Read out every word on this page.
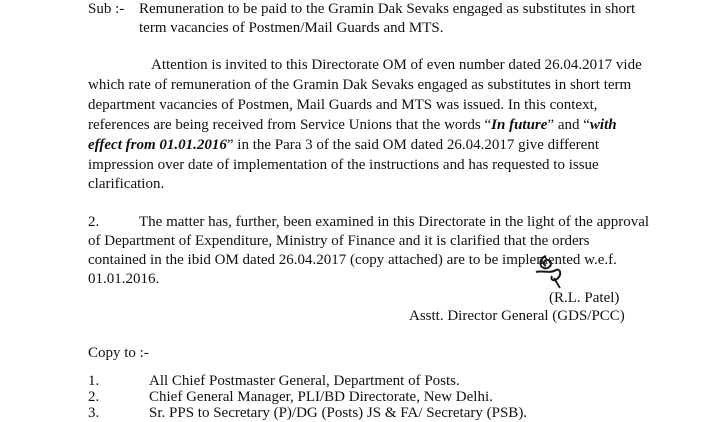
Sub :- Remuneration to be paid to the Gramin Dak Sevaks engaged as substitutes in short
term vacancies of Postmen/Mail Guards and MTS.
Attention is invited to this Directorate OM of even number dated 26.04.2017 vide
which rate of remuneration of the Gramin Dak Sevaks engaged as substitutes in short term
department vacancies of Postmen, Mail Guards and MTS was issued. In this context,
references are being received from Service Unions that the words “In future” and “with
effect from 01.01.2016” in the Para 3 of the said OM dated 26.04.2017 give different
impression over date of implementation of the instructions and has requested to issue
clarification.
2.	The matter has, further, been examined in this Directorate in the light of the approval
of Department of Expenditure, Ministry of Finance and it is clarified that the orders
contained in the ibid OM dated 26.04.2017 (copy attached) are to be implemented w.e.f.
01.01.2016.
(R.L. Patel)
Asstt. Director General (GDS/PCC)
Copy to :-
1.	All Chief Postmaster General, Department of Posts.
2.	Chief General Manager, PLI/BD Directorate, New Delhi.
3.	Sr. PPS to Secretary (P)/DG (Posts) JS & FA/ Secretary (PSB).
